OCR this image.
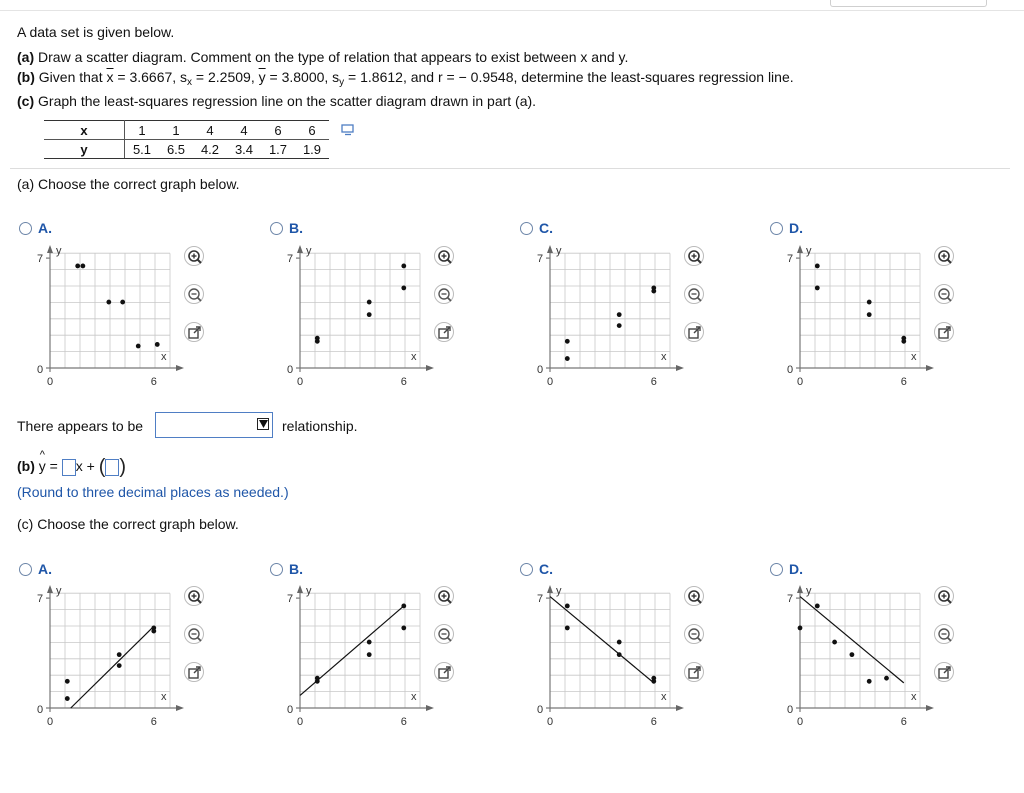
A data set is given below.
(a) Draw a scatter diagram. Comment on the type of relation that appears to exist between x and y.
(b) Given that $\overline{x} = 3.6667$, $s_x = 2.2509$, $\overline{y} = 3.8000$, $s_y = 1.8612$, and r = − 0.9548, determine the least-squares regression line.
(c) Graph the least-squares regression line on the scatter diagram drawn in part (a).
x	1	1	4	4	6	6
y	5.1	6.5	4.2	3.4	1.7	1.9
(a) Choose the correct graph below.
A.	B.	C.	D.
y
7
0
0	6
x
y
7
0
0	6
x
y
7
0
0	6
x
y
7
0
0	6
x
There appears to be	relationship.
(b) y
^
= x + ( )
(Round to three decimal places as needed.)
(c) Choose the correct graph below.
A.	B.	C.	D.
y
7
0
0	6
x
y
7
0
0	6
x
y
7
0
0	6
x
y
7
0
0	6
x
